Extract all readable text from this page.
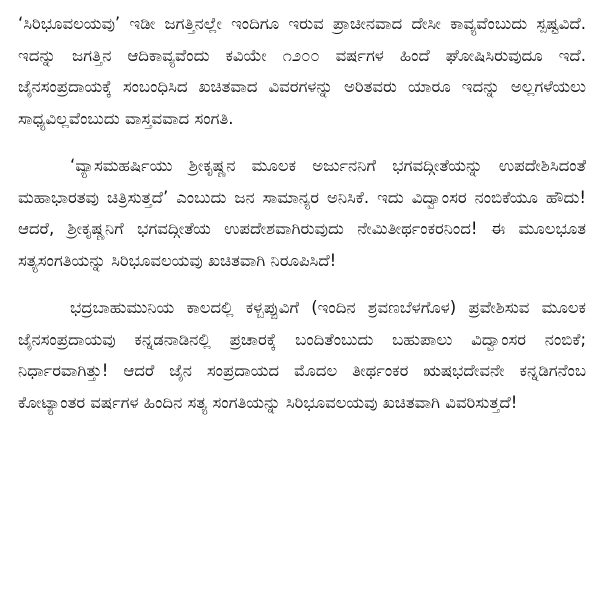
‘ಸಿರಿಭೂವಲಯವು’ ಇಡೀ ಜಗತ್ತಿನಲ್ಲೇ ಇಂದಿಗೂ ಇರುವ ಪ್ರಾಚೀನವಾದ ದೇಸೀ ಕಾವ್ಯವೆಂಬುದು ಸ್ಪಷ್ಟವಿದೆ. ಇದನ್ನು ಜಗತ್ತಿನ ಆದಿಕಾವ್ಯವೆಂದು ಕವಿಯೇ ೧೨೦೦ ವರ್ಷಗಳ ಹಿಂದೆ ಘೋಷಿಸಿರುವುದೂ ಇದೆ. ಜೈನಸಂಪ್ರದಾಯಕ್ಕೆ ಸಂಬಂಧಿಸಿದ ಖಚಿತವಾದ ವಿವರಗಳನ್ನು ಅರಿತವರು ಯಾರೂ ಇದನ್ನು ಅಲ್ಲಗಳೆಯಲು ಸಾಧ್ಯವಿಲ್ಲವೆಂಬುದು ವಾಸ್ತವವಾದ ಸಂಗತಿ.

‘ವ್ಯಾಸಮಹರ್ಷಿಯು ಶ್ರೀಕೃಷ್ಣನ ಮೂಲಕ ಅರ್ಜುನನಿಗೆ ಭಗವದ್ಗೀತೆಯನ್ನು ಉಪದೇಶಿಸಿದಂತೆ ಮಹಾಭಾರತವು ಚಿತ್ರಿಸುತ್ತದೆ’ ಎಂಬುದು ಜನ ಸಾಮಾನ್ಯರ ಅನಿಸಿಕೆ. ಇದು ವಿದ್ವಾಂಸರ ನಂಬಿಕೆಯೂ ಹೌದು! ಆದರೆ, ಶ್ರೀಕೃಷ್ಣನಿಗೆ ಭಗವದ್ಗೀತೆಯ ಉಪದೇಶವಾಗಿರುವುದು ನೇಮಿತೀರ್ಥಂಕರನಿಂದ! ಈ ಮೂಲಭೂತ ಸತ್ಯಸಂಗತಿಯನ್ನು ಸಿರಿಭೂವಲಯವು ಖಚಿತವಾಗಿ ನಿರೂಪಿಸಿದೆ!

ಭದ್ರಬಾಹುಮುನಿಯ ಕಾಲದಲ್ಲಿ ಕಳ್ಬಪ್ಪುವಿಗೆ (ಇಂದಿನ ಶ್ರವಣಬೆಳಗೊಳ) ಪ್ರವೇಶಿಸುವ ಮೂಲಕ ಜೈನಸಂಪ್ರದಾಯವು ಕನ್ನಡನಾಡಿನಲ್ಲಿ ಪ್ರಚಾರಕ್ಕೆ ಬಂದಿತೆಂಬುದು ಬಹುಪಾಲು ವಿದ್ವಾಂಸರ ನಂಬಿಕೆ; ನಿರ್ಧಾರವಾಗಿತ್ತು! ಆದರೆ ಜೈನ ಸಂಪ್ರದಾಯದ ಮೊದಲ ತೀರ್ಥಂಕರ ಋಷಭದೇವನೇ ಕನ್ನಡಿಗನೆಂಬ ಕೋಟ್ಯಾಂತರ ವರ್ಷಗಳ ಹಿಂದಿನ ಸತ್ಯ ಸಂಗತಿಯನ್ನು ಸಿರಿಭೂವಲಯವು ಖಚಿತವಾಗಿ ವಿವರಿಸುತ್ತದೆ!
